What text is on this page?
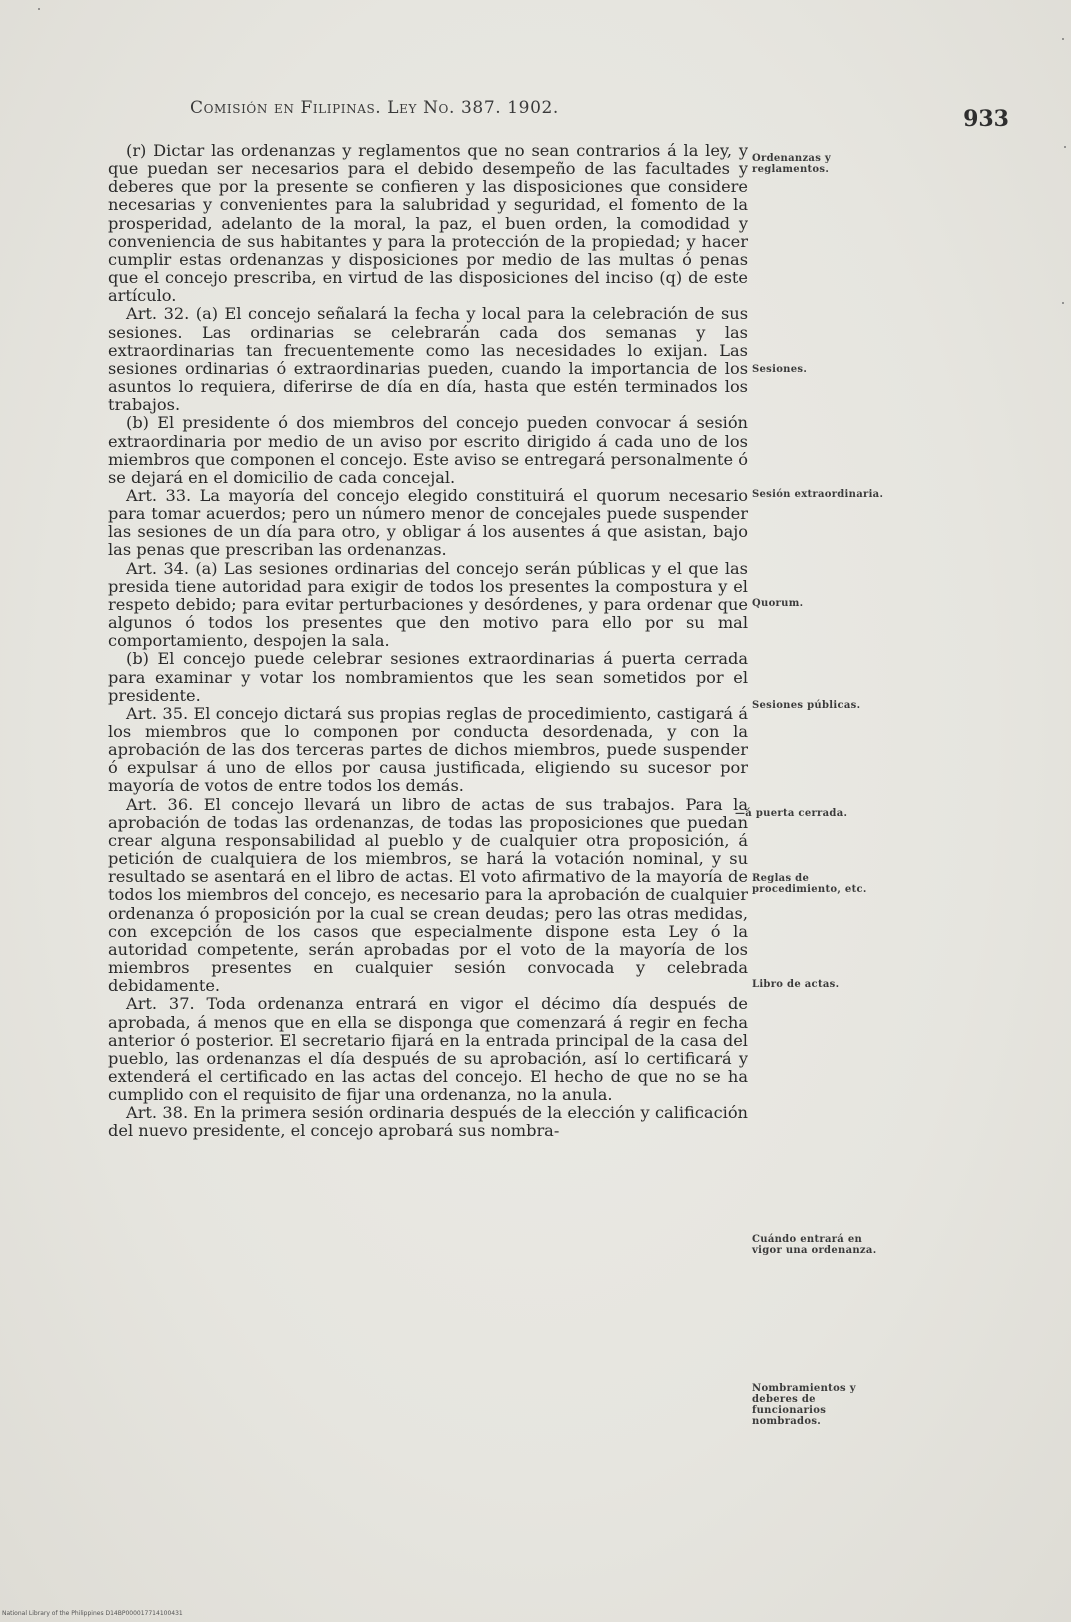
Comisión en Filipinas. Ley No. 387. 1902.	933

(r) Dictar las ordenanzas y reglamentos que no sean contrarios á la ley, y que puedan ser necesarios para el debido desempeño de las facultades y deberes que por la presente se confieren y las disposiciones que considere necesarias y convenientes para la salubridad y seguridad, el fomento de la prosperidad, adelanto de la moral, la paz, el buen orden, la comodidad y conveniencia de sus habitantes y para la protección de la propiedad; y hacer cumplir estas ordenanzas y disposiciones por medio de las multas ó penas que el concejo prescriba, en virtud de las disposiciones del inciso (q) de este artículo.

Art. 32. (a) El concejo señalará la fecha y local para la celebración de sus sesiones. Las ordinarias se celebrarán cada dos semanas y las extraordinarias tan frecuentemente como las necesidades lo exijan. Las sesiones ordinarias ó extraordinarias pueden, cuando la importancia de los asuntos lo requiera, diferirse de día en día, hasta que estén terminados los trabajos.

(b) El presidente ó dos miembros del concejo pueden convocar á sesión extraordinaria por medio de un aviso por escrito dirigido á cada uno de los miembros que componen el concejo. Este aviso se entregará personalmente ó se dejará en el domicilio de cada concejal.

Art. 33. La mayoría del concejo elegido constituirá el quorum necesario para tomar acuerdos; pero un número menor de concejales puede suspender las sesiones de un día para otro, y obligar á los ausentes á que asistan, bajo las penas que prescriban las ordenanzas.

Art. 34. (a) Las sesiones ordinarias del concejo serán públicas y el que las presida tiene autoridad para exigir de todos los presentes la compostura y el respeto debido; para evitar perturbaciones y desórdenes, y para ordenar que algunos ó todos los presentes que den motivo para ello por su mal comportamiento, despojen la sala.

(b) El concejo puede celebrar sesiones extraordinarias á puerta cerrada para examinar y votar los nombramientos que les sean sometidos por el presidente.

Art. 35. El concejo dictará sus propias reglas de procedimiento, castigará á los miembros que lo componen por conducta desordenada, y con la aprobación de las dos terceras partes de dichos miembros, puede suspender ó expulsar á uno de ellos por causa justificada, eligiendo su sucesor por mayoría de votos de entre todos los demás.

Art. 36. El concejo llevará un libro de actas de sus trabajos. Para la aprobación de todas las ordenanzas, de todas las proposiciones que puedan crear alguna responsabilidad al pueblo y de cualquier otra proposición, á petición de cualquiera de los miembros, se hará la votación nominal, y su resultado se asentará en el libro de actas. El voto afirmativo de la mayoría de todos los miembros del concejo, es necesario para la aprobación de cualquier ordenanza ó proposición por la cual se crean deudas; pero las otras medidas, con excepción de los casos que especialmente dispone esta Ley ó la autoridad competente, serán aprobadas por el voto de la mayoría de los miembros presentes en cualquier sesión convocada y celebrada debidamente.

Art. 37. Toda ordenanza entrará en vigor el décimo día después de aprobada, á menos que en ella se disponga que comenzará á regir en fecha anterior ó posterior. El secretario fijará en la entrada principal de la casa del pueblo, las ordenanzas el día después de su aprobación, así lo certificará y extenderá el certificado en las actas del concejo. El hecho de que no se ha cumplido con el requisito de fijar una ordenanza, no la anula.

Art. 38. En la primera sesión ordinaria después de la elección y calificación del nuevo presidente, el concejo aprobará sus nombra-

Ordenanzas y reglamentos.
Sesiones.
Sesión extraordinaria.
Quorum.
Sesiones públicas.
—á puerta cerrada.
Reglas de procedimiento, etc.
Libro de actas.
Cuándo entrará en vigor una ordenanza.
Nombramientos y deberes de funcionarios nombrados.
National Library of the Philippines D14BP000017714100431
